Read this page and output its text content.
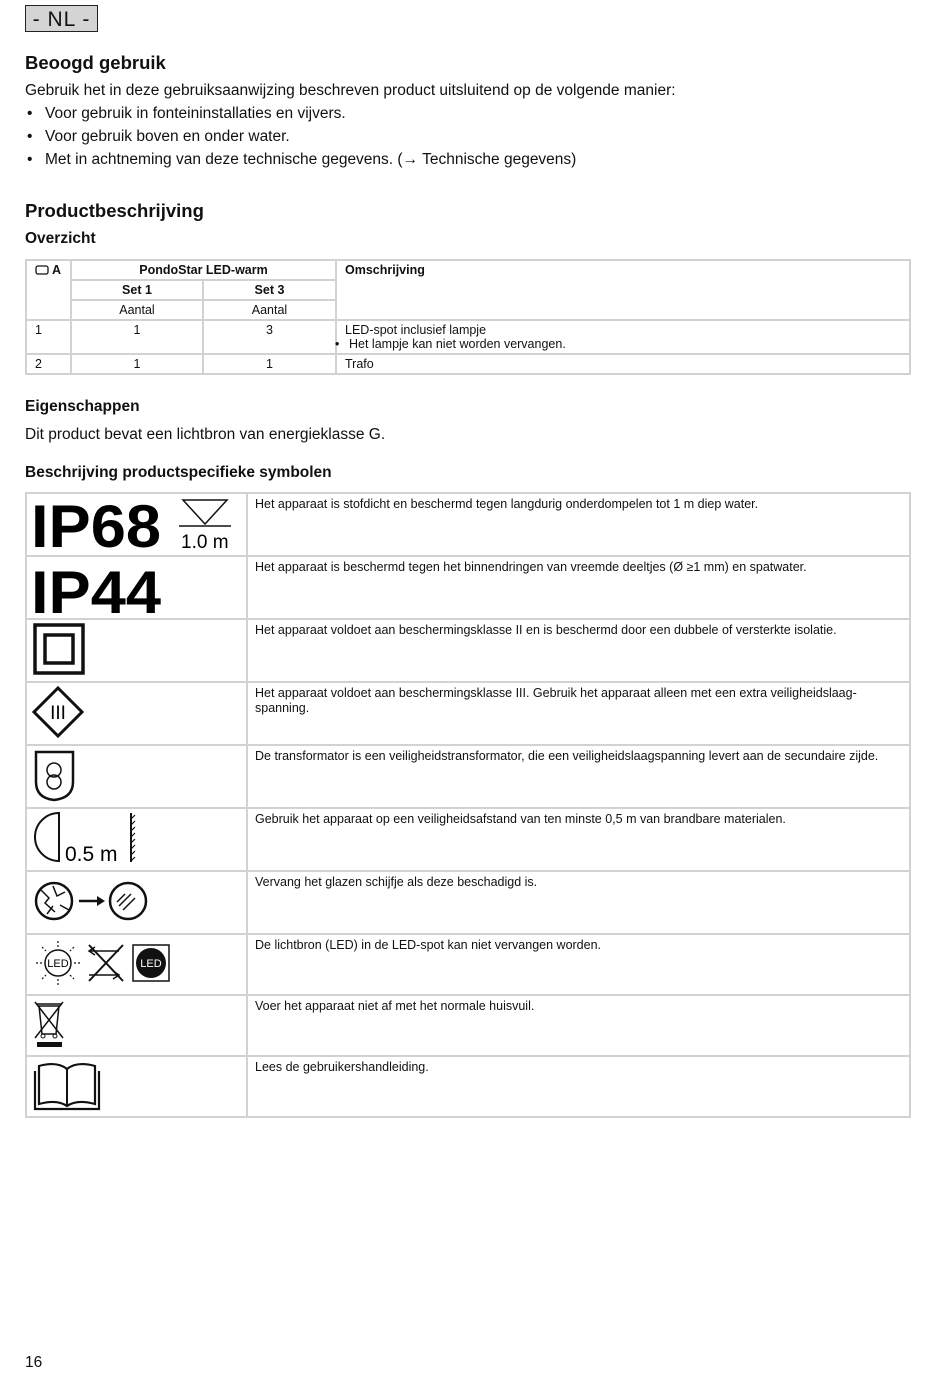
- NL -
Beoogd gebruik
Gebruik het in deze gebruiksaanwijzing beschreven product uitsluitend op de volgende manier:
• Voor gebruik in fonteininstallaties en vijvers.
• Voor gebruik boven en onder water.
• Met in achtneming van deze technische gegevens. (→ Technische gegevens)
Productbeschrijving
Overzicht
A	PondoStar LED-warm		Omschrijving
	Set 1	Set 3	
	Aantal	Aantal	
1	1	3	LED-spot inclusief lampje
• Het lampje kan niet worden vervangen.

2	1	1	Trafo
Eigenschappen
Dit product bevat een lichtbron van energieklasse G.
Beschrijving productspecifieke symbolen
IP68 1.0 m	Het apparaat is stofdicht en beschermd tegen langdurig onderdompelen tot 1 m diep water.

IP44	Het apparaat is beschermd tegen het binnendringen van vreemde deeltjes (Ø ≥1 mm) en spatwater.
	Het apparaat voldoet aan beschermingsklasse II en is beschermd door een dubbele of versterkte isolatie.

III	Het apparaat voldoet aan beschermingsklasse III. Gebruik het apparaat alleen met een extra veiligheidslaag-spanning.
	De transformator is een veiligheidstransformator, die een veiligheidslaagspanning levert aan de secundaire zijde.

0.5 m	Gebruik het apparaat op een veiligheidsafstand van ten minste 0,5 m van brandbare materialen.
	Vervang het glazen schijfje als deze beschadigd is.

LED LED	De lichtbron (LED) in de LED-spot kan niet vervangen worden.
	Voer het apparaat niet af met het normale huisvuil.
	Lees de gebruikershandleiding.
16
